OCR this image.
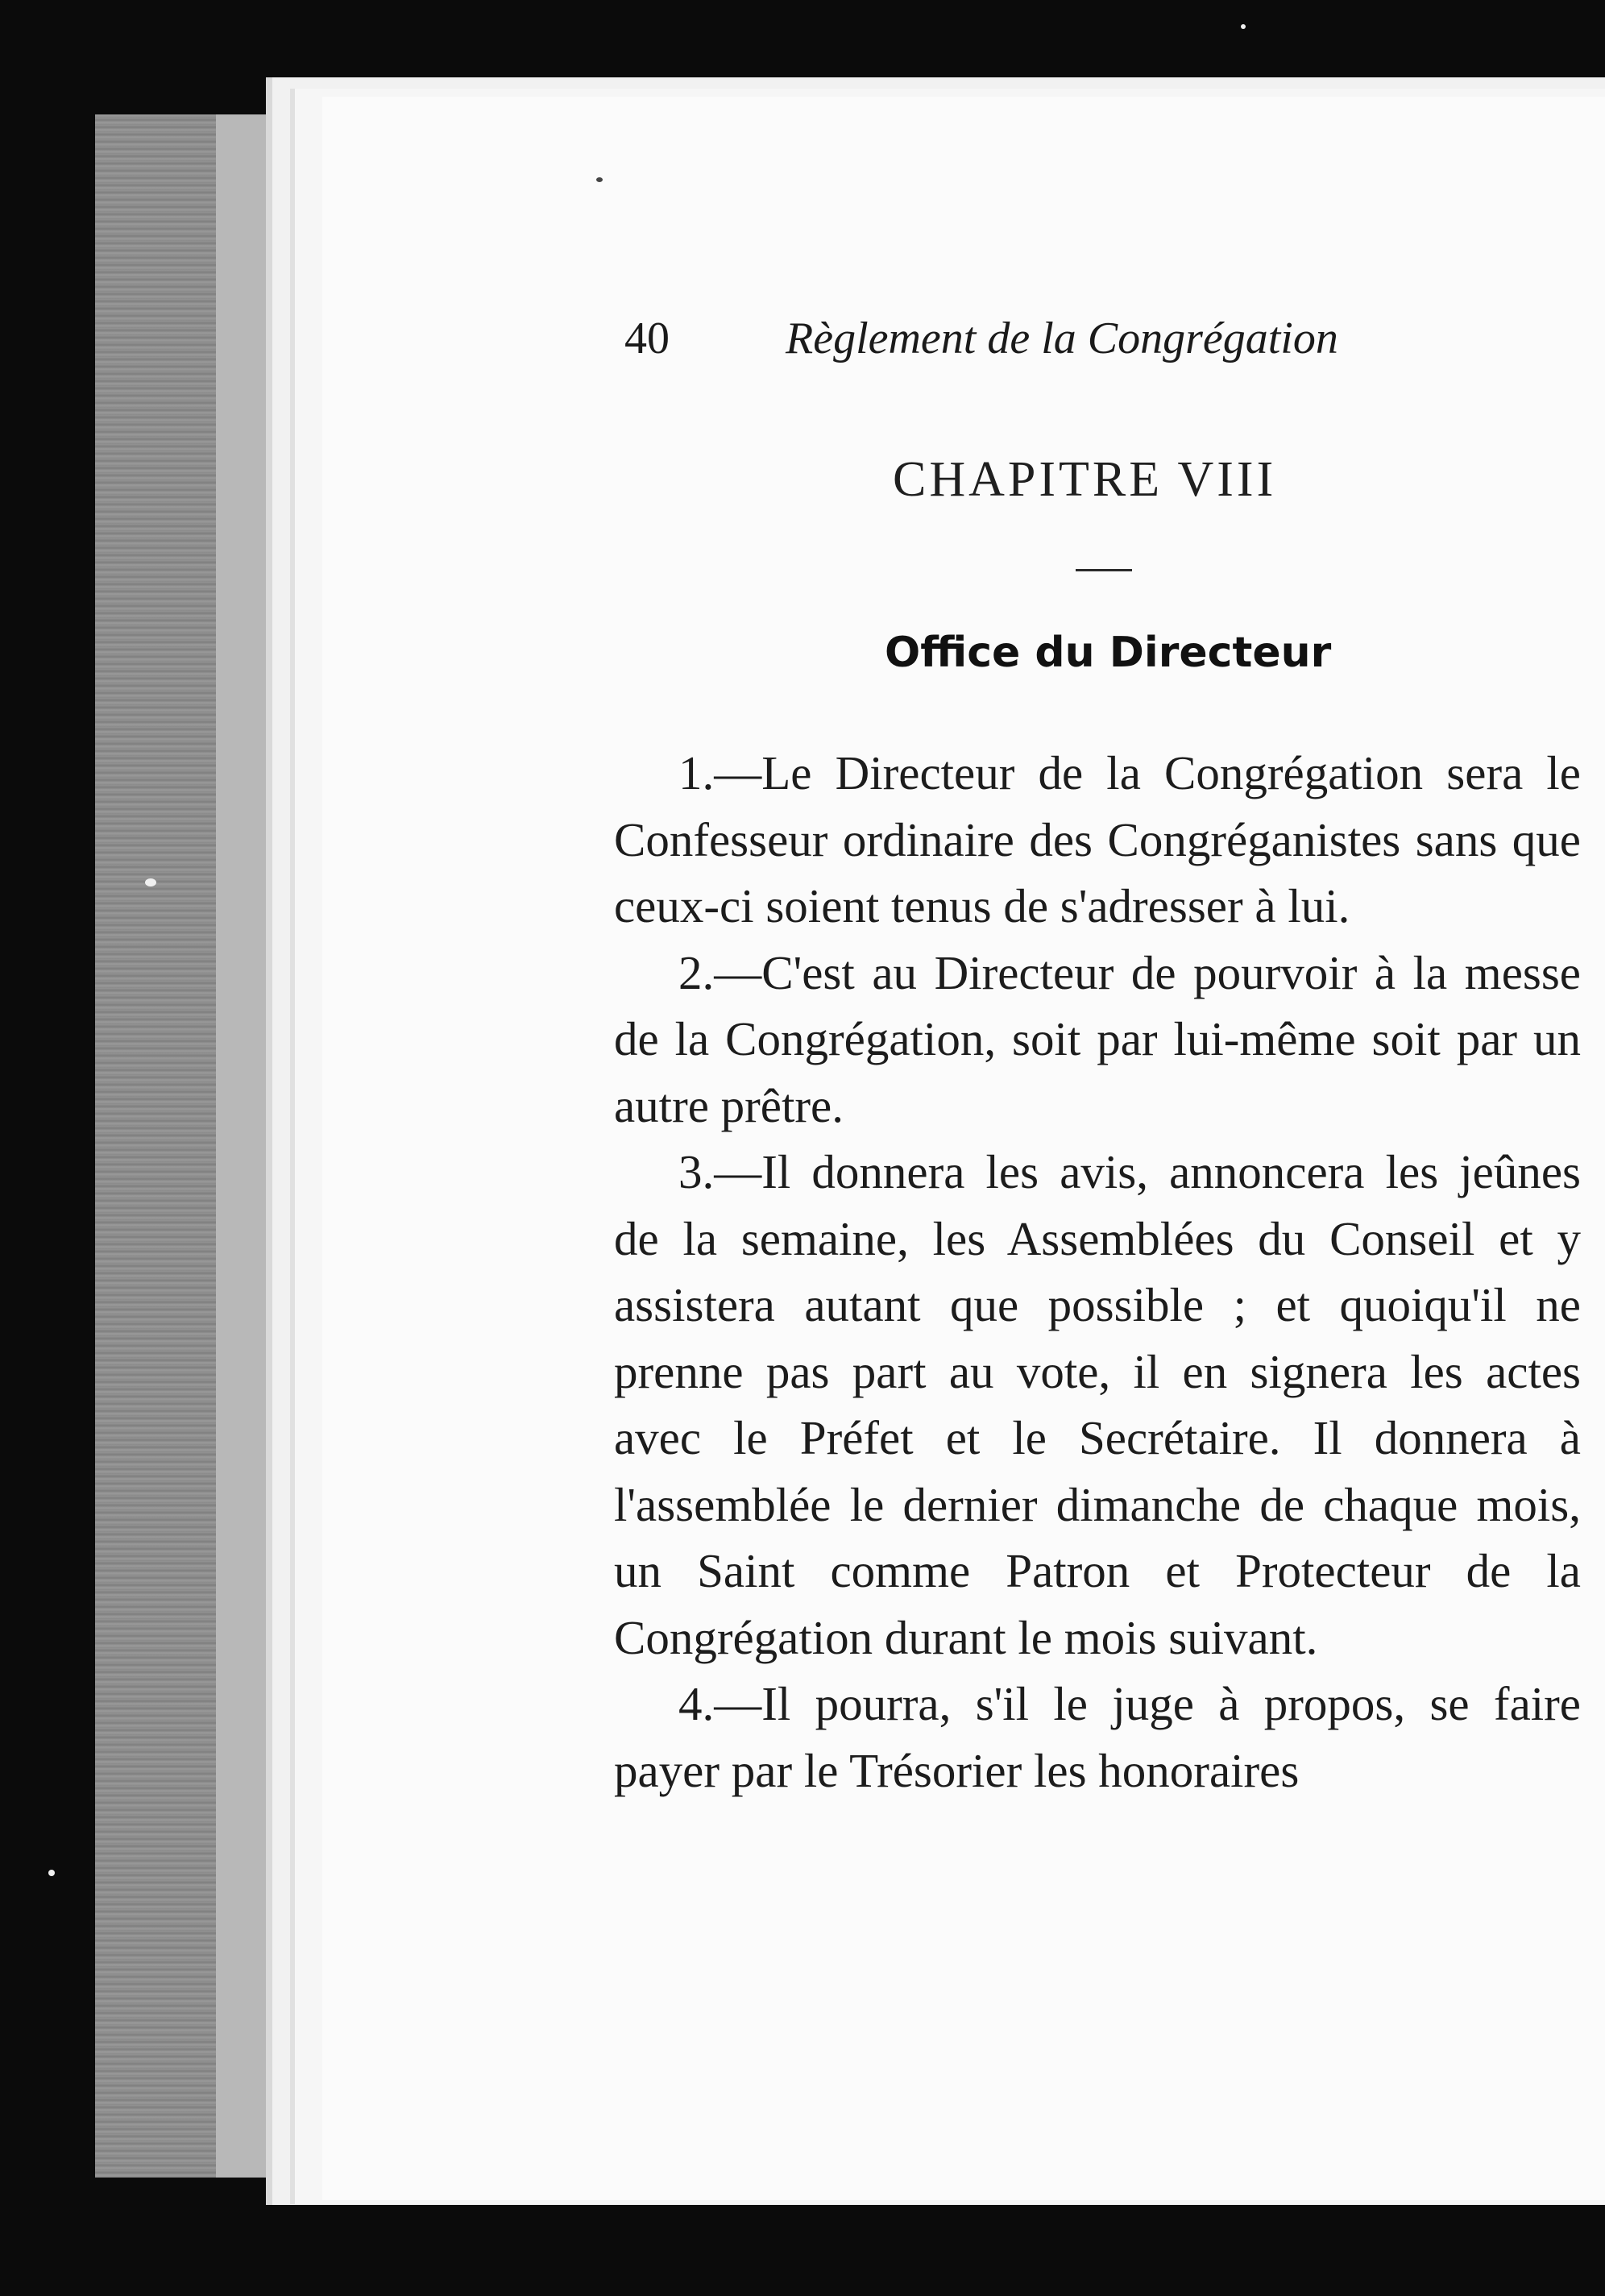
40	Règlement de la Congrégation
CHAPITRE VIII
Office du Directeur

1.—Le Directeur de la Congrégation sera le Confesseur ordinaire des Congréganistes sans que ceux-ci soient tenus de s'adresser à lui.

2.—C'est au Directeur de pourvoir à la messe de la Congrégation, soit par lui-même soit par un autre prêtre.

3.—Il donnera les avis, annoncera les jeûnes de la semaine, les Assemblées du Conseil et y assistera autant que possible ; et quoiqu'il ne prenne pas part au vote, il en signera les actes avec le Préfet et le Secrétaire. Il donnera à l'assemblée le dernier dimanche de chaque mois, un Saint comme Patron et Protecteur de la Congrégation durant le mois suivant.

4.—Il pourra, s'il le juge à propos, se faire payer par le Trésorier les honoraires
